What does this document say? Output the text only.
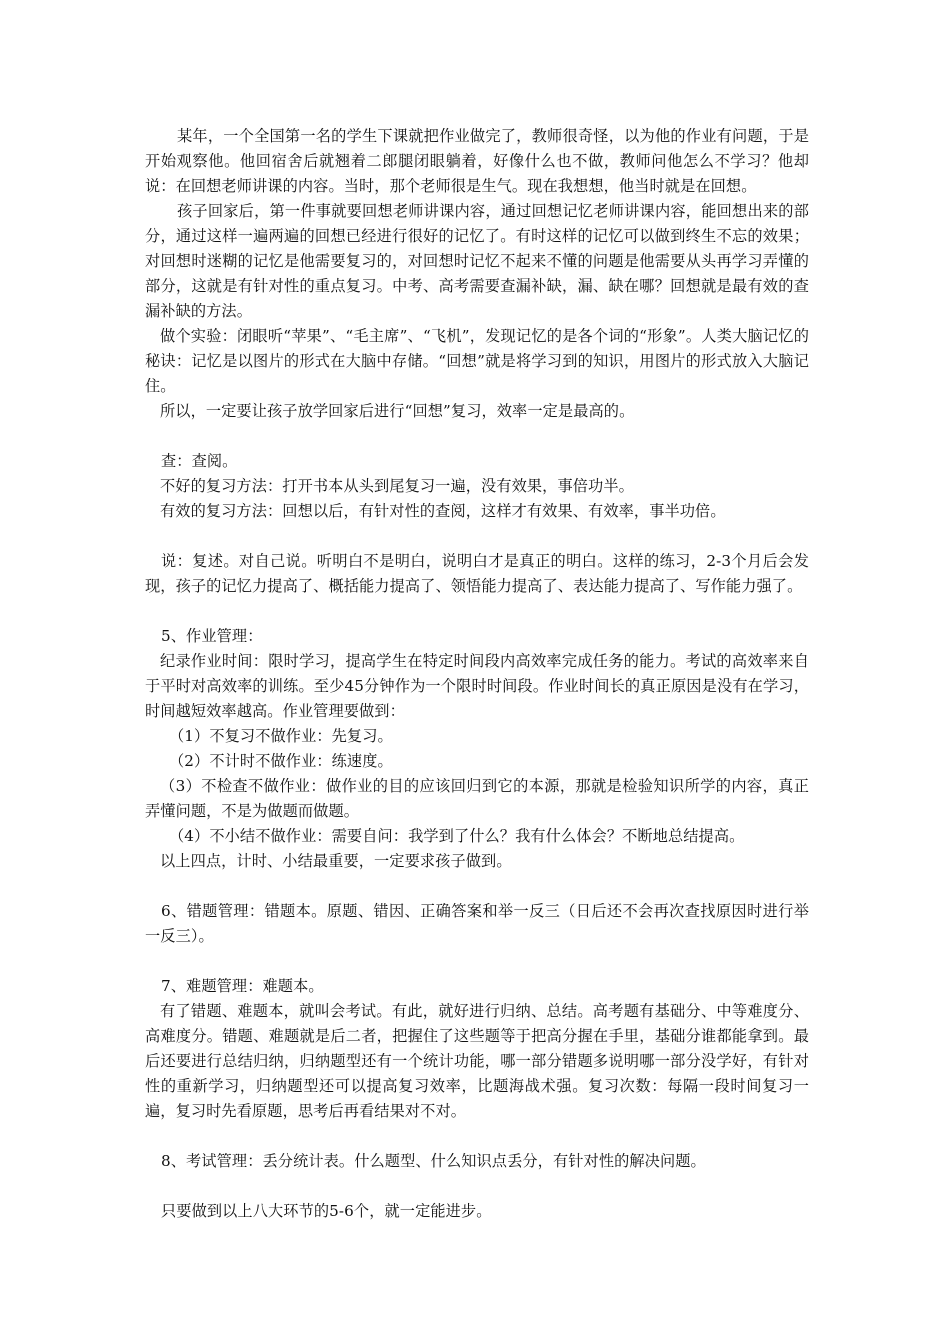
某年，一个全国第一名的学生下课就把作业做完了，教师很奇怪，以为他的作业有问题，于是开始观察他。他回宿舍后就翘着二郎腿闭眼躺着，好像什么也不做，教师问他怎么不学习？他却说：在回想老师讲课的内容。当时，那个老师很是生气。现在我想想，他当时就是在回想。

孩子回家后，第一件事就要回想老师讲课内容，通过回想记忆老师讲课内容，能回想出来的部分，通过这样一遍两遍的回想已经进行很好的记忆了。有时这样的记忆可以做到终生不忘的效果；对回想时迷糊的记忆是他需要复习的，对回想时记忆不起来不懂的问题是他需要从头再学习弄懂的部分，这就是有针对性的重点复习。中考、高考需要查漏补缺，漏、缺在哪？回想就是最有效的查漏补缺的方法。

做个实验：闭眼听“苹果”、“毛主席”、“飞机”，发现记忆的是各个词的“形象”。人类大脑记忆的秘诀：记忆是以图片的形式在大脑中存储。“回想”就是将学习到的知识，用图片的形式放入大脑记住。

所以，一定要让孩子放学回家后进行“回想”复习，效率一定是最高的。

查：查阅。

不好的复习方法：打开书本从头到尾复习一遍，没有效果，事倍功半。

有效的复习方法：回想以后，有针对性的查阅，这样才有效果、有效率，事半功倍。

说：复述。对自己说。听明白不是明白，说明白才是真正的明白。这样的练习，2-3个月后会发现，孩子的记忆力提高了、概括能力提高了、领悟能力提高了、表达能力提高了、写作能力强了。

5、作业管理：

纪录作业时间：限时学习，提高学生在特定时间段内高效率完成任务的能力。考试的高效率来自于平时对高效率的训练。至少45分钟作为一个限时时间段。作业时间长的真正原因是没有在学习，时间越短效率越高。作业管理要做到：

（1）不复习不做作业：先复习。

（2）不计时不做作业：练速度。

（3）不检查不做作业：做作业的目的应该回归到它的本源，那就是检验知识所学的内容，真正弄懂问题，不是为做题而做题。

（4）不小结不做作业：需要自问：我学到了什么？我有什么体会？不断地总结提高。

以上四点，计时、小结最重要，一定要求孩子做到。

6、错题管理：错题本。原题、错因、正确答案和举一反三（日后还不会再次查找原因时进行举一反三）。

7、难题管理：难题本。

有了错题、难题本，就叫会考试。有此，就好进行归纳、总结。高考题有基础分、中等难度分、高难度分。错题、难题就是后二者，把握住了这些题等于把高分握在手里，基础分谁都能拿到。最后还要进行总结归纳，归纳题型还有一个统计功能，哪一部分错题多说明哪一部分没学好，有针对性的重新学习，归纳题型还可以提高复习效率，比题海战术强。复习次数：每隔一段时间复习一遍，复习时先看原题，思考后再看结果对不对。

8、考试管理：丢分统计表。什么题型、什么知识点丢分，有针对性的解决问题。

只要做到以上八大环节的5-6个，就一定能进步。
